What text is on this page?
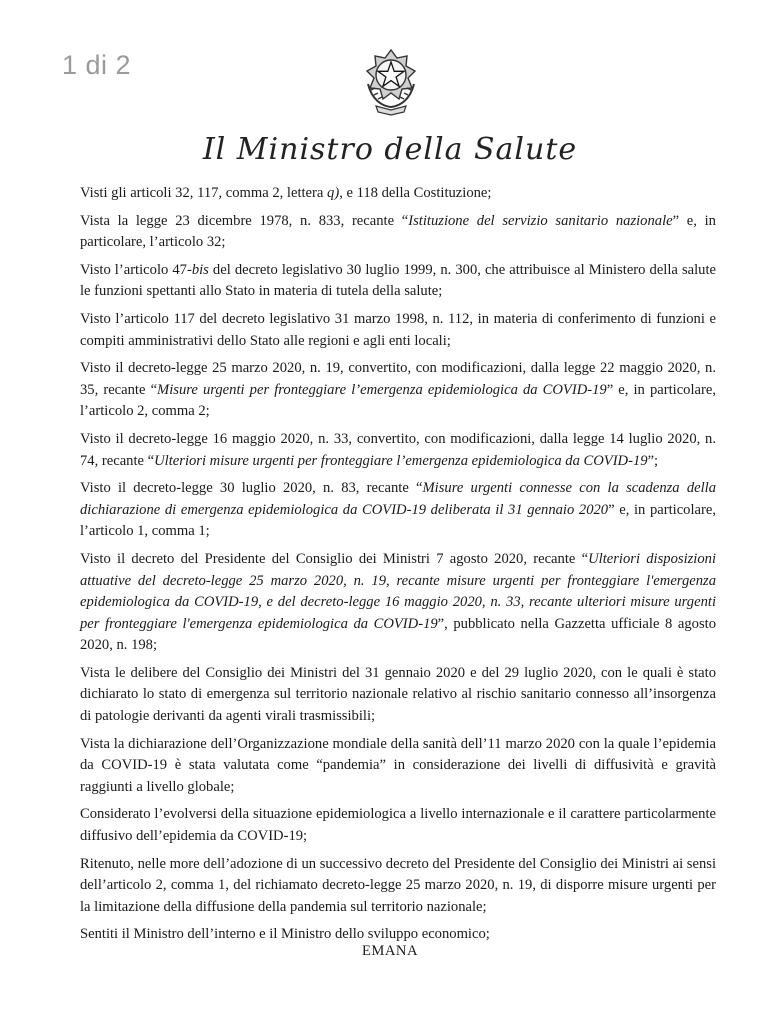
1 di 2
Il Ministro della Salute

Visti gli articoli 32, 117, comma 2, lettera q), e 118 della Costituzione;

Vista la legge 23 dicembre 1978, n. 833, recante “Istituzione del servizio sanitario nazionale” e, in particolare, l’articolo 32;

Visto l’articolo 47-bis del decreto legislativo 30 luglio 1999, n. 300, che attribuisce al Ministero della salute le funzioni spettanti allo Stato in materia di tutela della salute;

Visto l’articolo 117 del decreto legislativo 31 marzo 1998, n. 112, in materia di conferimento di funzioni e compiti amministrativi dello Stato alle regioni e agli enti locali;

Visto il decreto-legge 25 marzo 2020, n. 19, convertito, con modificazioni, dalla legge 22 maggio 2020, n. 35, recante “Misure urgenti per fronteggiare l’emergenza epidemiologica da COVID-19” e, in particolare, l’articolo 2, comma 2;

Visto il decreto-legge 16 maggio 2020, n. 33, convertito, con modificazioni, dalla legge 14 luglio 2020, n. 74, recante “Ulteriori misure urgenti per fronteggiare l’emergenza epidemiologica da COVID-19”;

Visto il decreto-legge 30 luglio 2020, n. 83, recante “Misure urgenti connesse con la scadenza della dichiarazione di emergenza epidemiologica da COVID-19 deliberata il 31 gennaio 2020” e, in particolare, l’articolo 1, comma 1;

Visto il decreto del Presidente del Consiglio dei Ministri 7 agosto 2020, recante “Ulteriori disposizioni attuative del decreto-legge 25 marzo 2020, n. 19, recante misure urgenti per fronteggiare l'emergenza epidemiologica da COVID-19, e del decreto-legge 16 maggio 2020, n. 33, recante ulteriori misure urgenti per fronteggiare l'emergenza epidemiologica da COVID-19”, pubblicato nella Gazzetta ufficiale 8 agosto 2020, n. 198;

Vista le delibere del Consiglio dei Ministri del 31 gennaio 2020 e del 29 luglio 2020, con le quali è stato dichiarato lo stato di emergenza sul territorio nazionale relativo al rischio sanitario connesso all’insorgenza di patologie derivanti da agenti virali trasmissibili;

Vista la dichiarazione dell’Organizzazione mondiale della sanità dell’11 marzo 2020 con la quale l’epidemia da COVID-19 è stata valutata come “pandemia” in considerazione dei livelli di diffusività e gravità raggiunti a livello globale;

Considerato l’evolversi della situazione epidemiologica a livello internazionale e il carattere particolarmente diffusivo dell’epidemia da COVID-19;

Ritenuto, nelle more dell’adozione di un successivo decreto del Presidente del Consiglio dei Ministri ai sensi dell’articolo 2, comma 1, del richiamato decreto-legge 25 marzo 2020, n. 19, di disporre misure urgenti per la limitazione della diffusione della pandemia sul territorio nazionale;

Sentiti il Ministro dell’interno e il Ministro dello sviluppo economico;

EMANA
